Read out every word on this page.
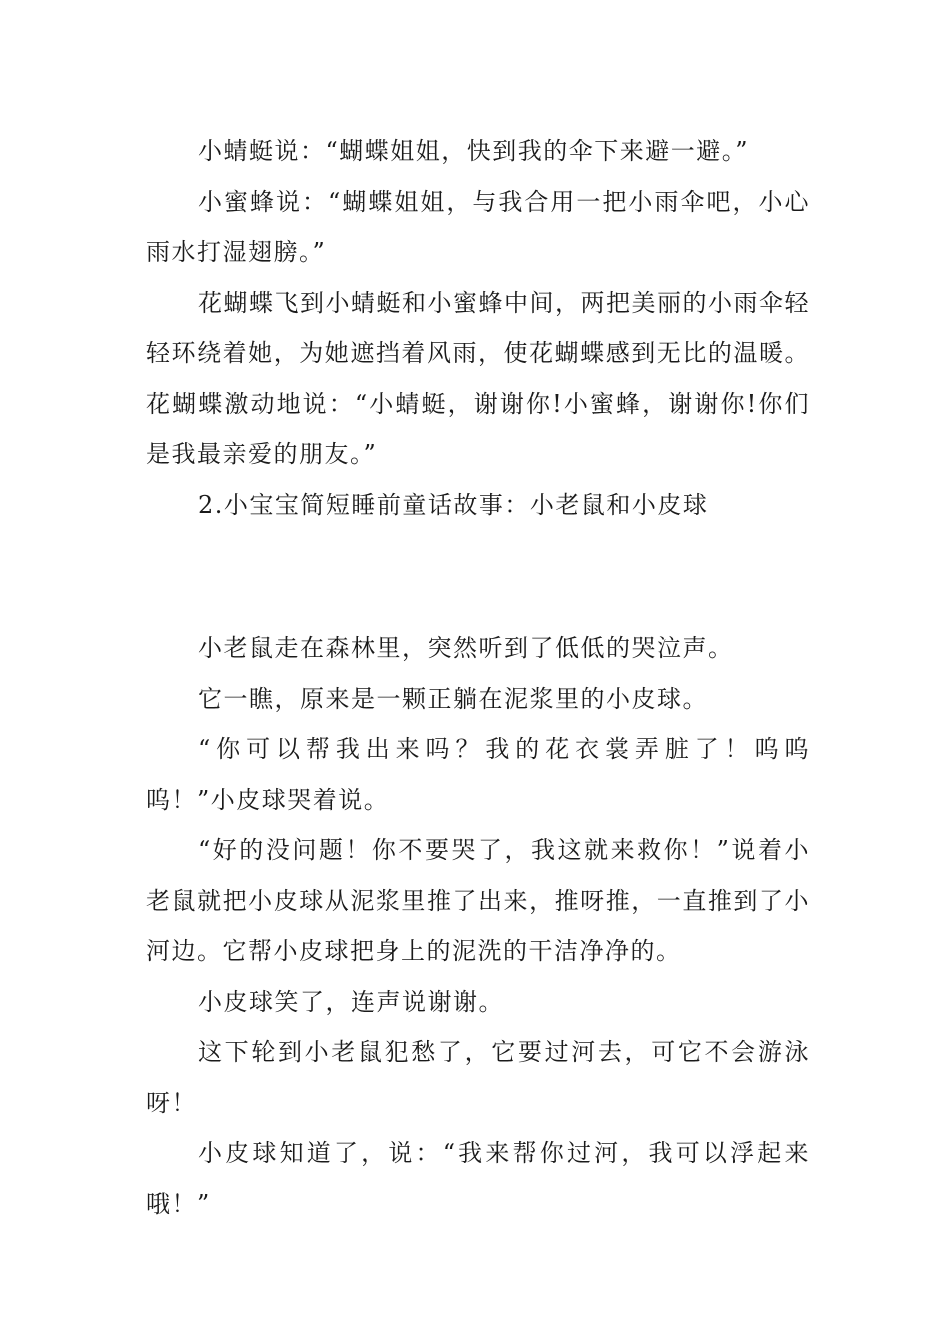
小蜻蜓说：“蝴蝶姐姐，快到我的伞下来避一避。”

小蜜蜂说：“蝴蝶姐姐，与我合用一把小雨伞吧，小心雨水打湿翅膀。”

花蝴蝶飞到小蜻蜓和小蜜蜂中间，两把美丽的小雨伞轻轻环绕着她，为她遮挡着风雨，使花蝴蝶感到无比的温暖。花蝴蝶激动地说：“小蜻蜓，谢谢你!小蜜蜂，谢谢你!你们是我最亲爱的朋友。”

2.小宝宝简短睡前童话故事：小老鼠和小皮球

小老鼠走在森林里，突然听到了低低的哭泣声。

它一瞧，原来是一颗正躺在泥浆里的小皮球。

“你可以帮我出来吗？我的花衣裳弄脏了！呜呜呜！”小皮球哭着说。

“好的没问题！你不要哭了，我这就来救你！”说着小老鼠就把小皮球从泥浆里推了出来，推呀推，一直推到了小河边。它帮小皮球把身上的泥洗的干洁净净的。

小皮球笑了，连声说谢谢。

这下轮到小老鼠犯愁了，它要过河去，可它不会游泳呀！

小皮球知道了，说：“我来帮你过河，我可以浮起来哦！”
